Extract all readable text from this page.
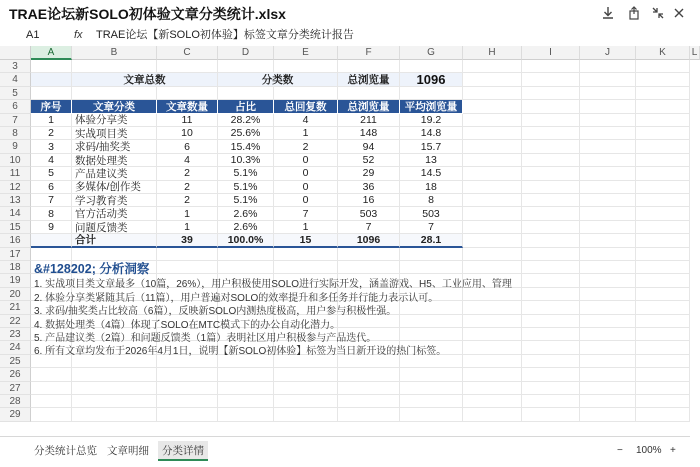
TRAE论坛新SOLO初体验文章分类统计.xlsx
A1	fx TRAE论坛【新SOLO初体验】标签文章分类统计报告
A	B	C	D	E	F	G	H	I	J	K	L
3
4
5
6
7
8
9
10
11
12
13
14
15
16
17
18
19
20
21
22
23
24
25
26
27
28
29
文章总数	分类数	总浏览量	1096
序号	文章分类	文章数量	占比	总回复数	总浏览量	平均浏览量
1	体验分享类	11	28.2%	4	211	19.2
2	实战项目类	10	25.6%	1	148	14.8
3	求码/抽奖类	6	15.4%	2	94	15.7
4	数据处理类	4	10.3%	0	52	13
5	产品建议类	2	5.1%	0	29	14.5
6	多媒体/创作类	2	5.1%	0	36	18
7	学习教育类	2	5.1%	0	16	8
8	官方活动类	1	2.6%	7	503	503
9	问题反馈类	1	2.6%	1	7	7
合计	39	100.0%	15	1096	28.1
&#128202; 分析洞察
1. 实战项目类文章最多（10篇，26%），用户积极使用SOLO进行实际开发，涵盖游戏、H5、工业应用、管理
2. 体验分享类紧随其后（11篇），用户普遍对SOLO的效率提升和多任务并行能力表示认可。
3. 求码/抽奖类占比较高（6篇），反映新SOLO内测热度极高，用户参与积极性强。
4. 数据处理类（4篇）体现了SOLO在MTC模式下的办公自动化潜力。
5. 产品建议类（2篇）和问题反馈类（1篇）表明社区用户积极参与产品迭代。
6. 所有文章均发布于2026年4月1日，说明【新SOLO初体验】标签为当日新开设的热门标签。
分类统计总览 文章明细	分类详情	− 100% +
